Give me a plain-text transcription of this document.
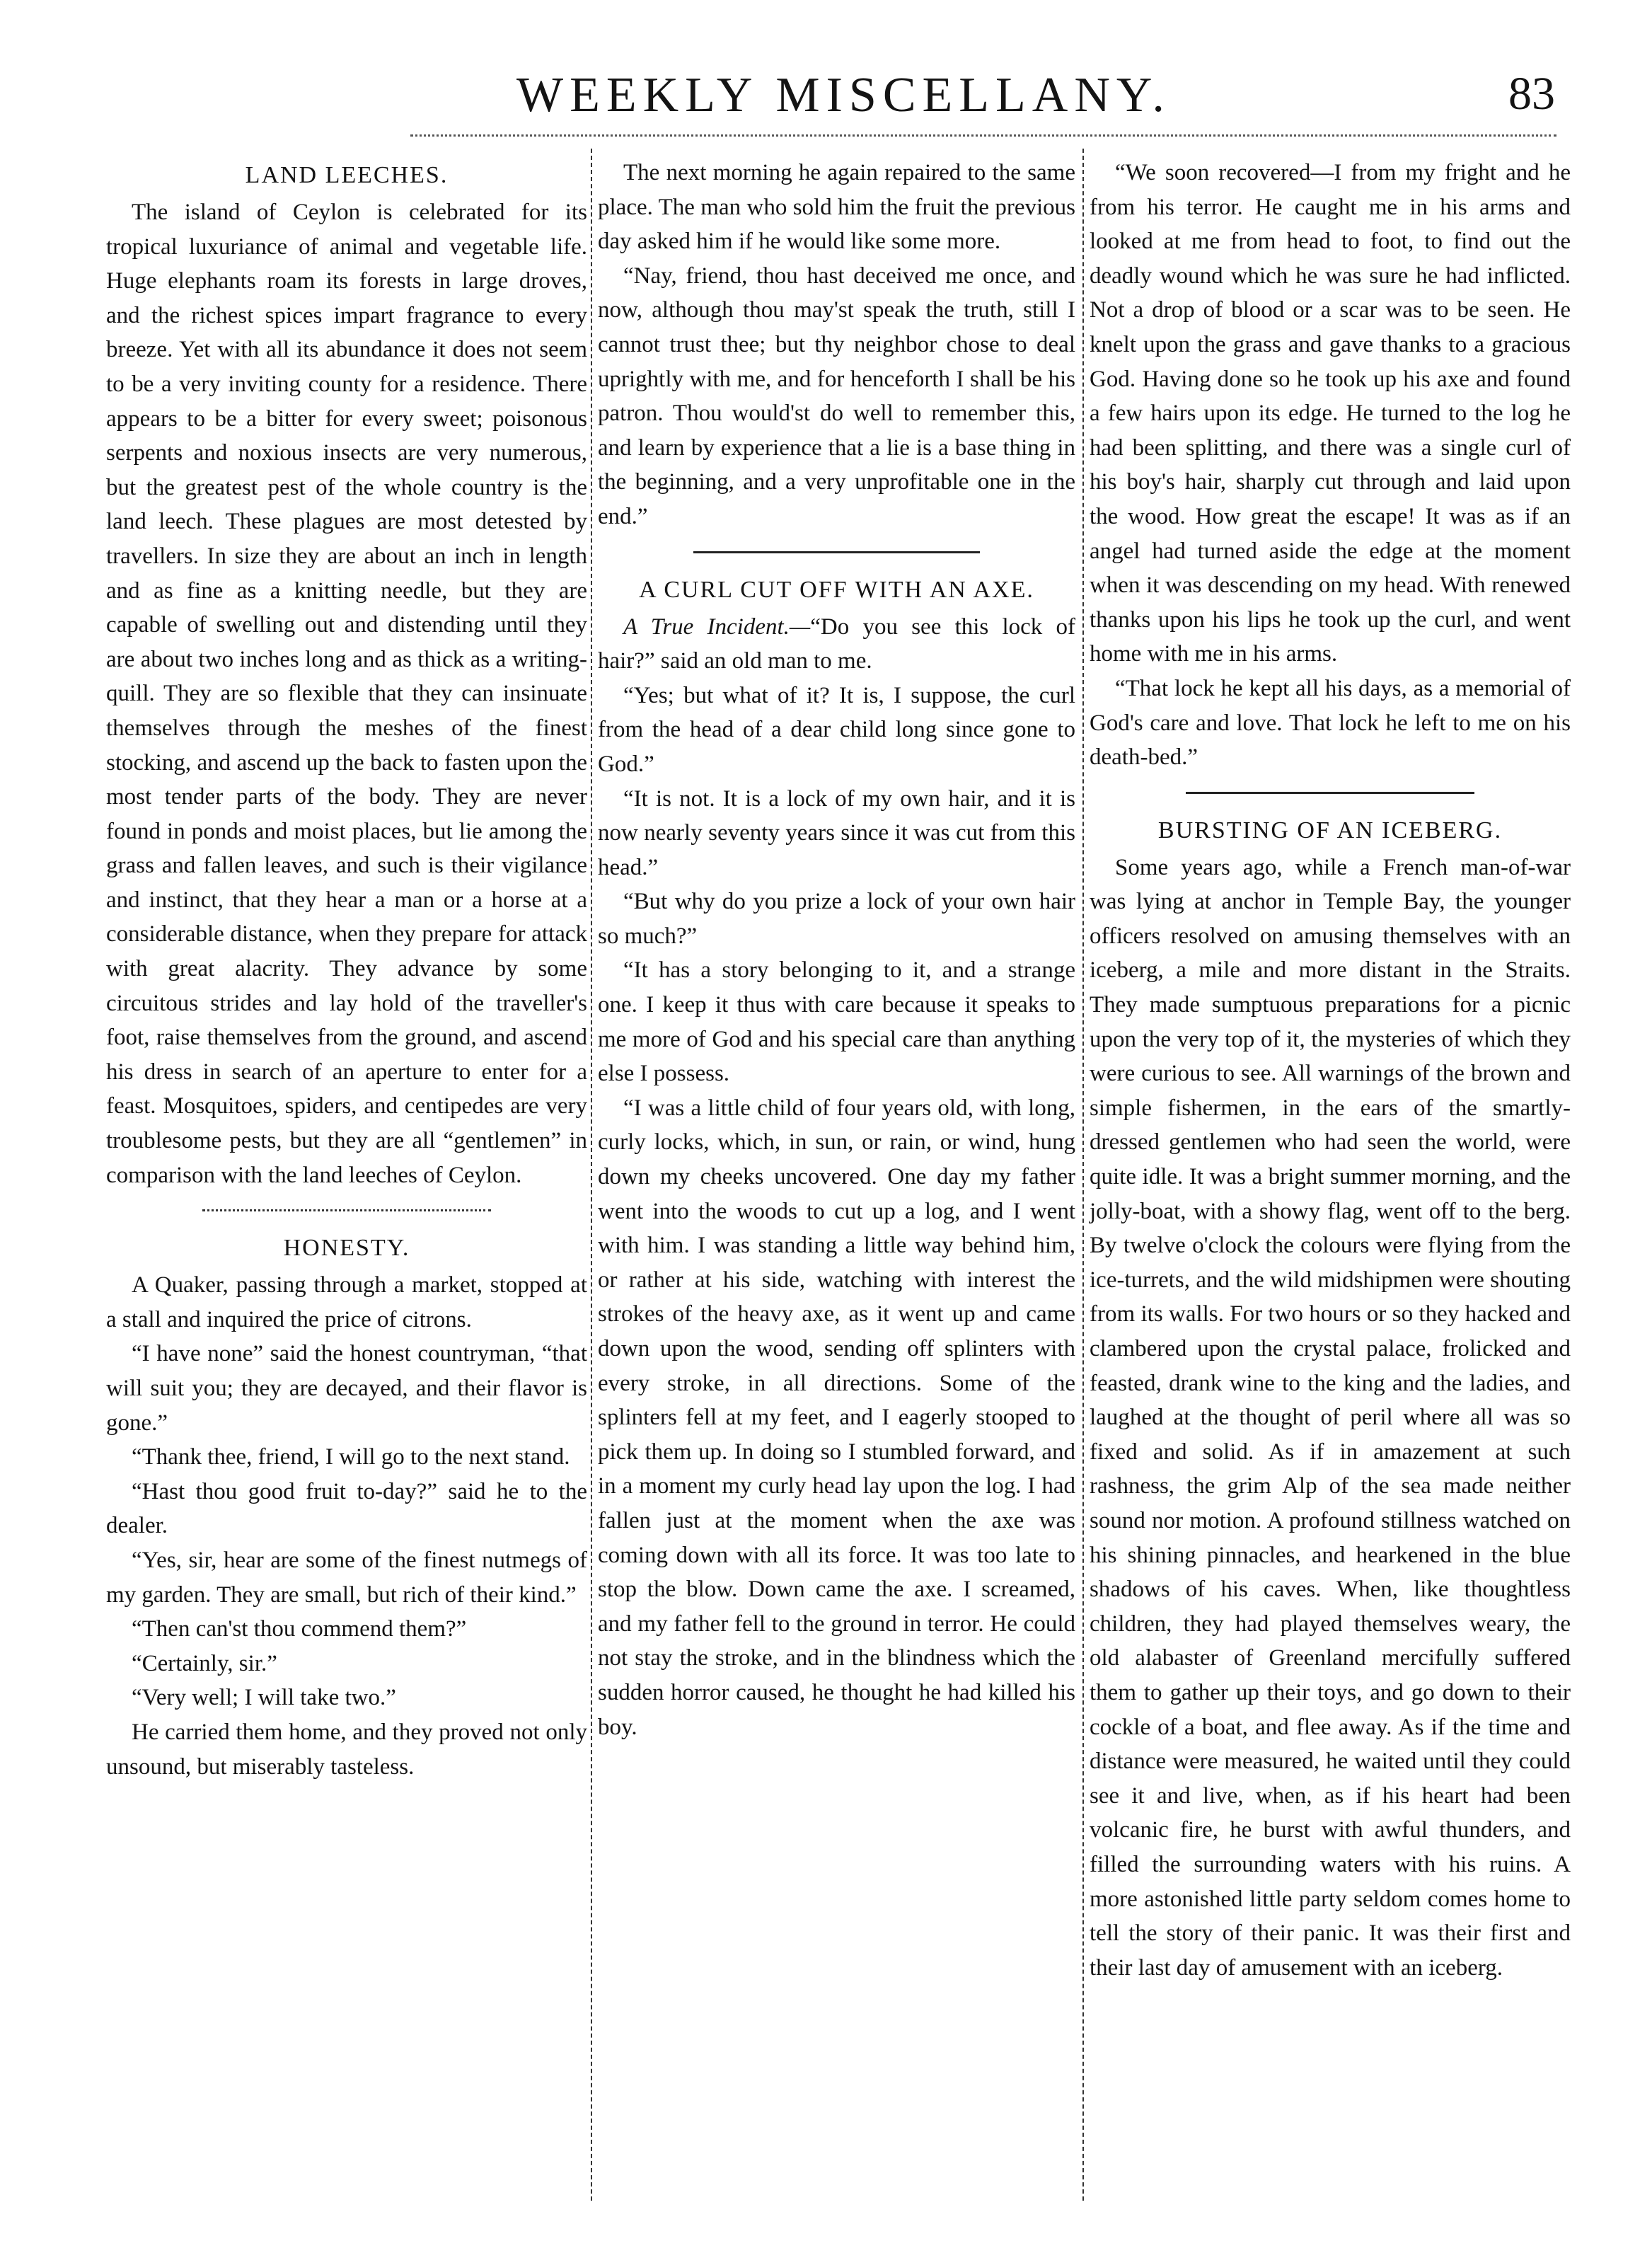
WEEKLY MISCELLANY.	83
LAND LEECHES.

The island of Ceylon is celebrated for its tropical luxuriance of animal and vegetable life. Huge elephants roam its forests in large droves, and the richest spices impart fragrance to every breeze. Yet with all its abundance it does not seem to be a very inviting county for a residence. There appears to be a bitter for every sweet; poisonous serpents and noxious insects are very numerous, but the greatest pest of the whole country is the land leech. These plagues are most detested by travellers. In size they are about an inch in length and as fine as a knitting needle, but they are capable of swelling out and distending until they are about two inches long and as thick as a writing-quill. They are so flexible that they can insinuate themselves through the meshes of the finest stocking, and ascend up the back to fasten upon the most tender parts of the body. They are never found in ponds and moist places, but lie among the grass and fallen leaves, and such is their vigilance and instinct, that they hear a man or a horse at a considerable distance, when they prepare for attack with great alacrity. They advance by some circuitous strides and lay hold of the traveller's foot, raise themselves from the ground, and ascend his dress in search of an aperture to enter for a feast. Mosquitoes, spiders, and centipedes are very troublesome pests, but they are all “gentlemen” in comparison with the land leeches of Ceylon.

HONESTY.

A Quaker, passing through a market, stopped at a stall and inquired the price of citrons.

“I have none” said the honest countryman, “that will suit you; they are decayed, and their flavor is gone.”

“Thank thee, friend, I will go to the next stand.

“Hast thou good fruit to-day?” said he to the dealer.

“Yes, sir, hear are some of the finest nutmegs of my garden. They are small, but rich of their kind.”

“Then can'st thou commend them?”

“Certainly, sir.”

“Very well; I will take two.”

He carried them home, and they proved not only unsound, but miserably tasteless.

The next morning he again repaired to the same place. The man who sold him the fruit the previous day asked him if he would like some more.

“Nay, friend, thou hast deceived me once, and now, although thou may'st speak the truth, still I cannot trust thee; but thy neighbor chose to deal uprightly with me, and for henceforth I shall be his patron. Thou would'st do well to remember this, and learn by experience that a lie is a base thing in the beginning, and a very unprofitable one in the end.”

A CURL CUT OFF WITH AN AXE.

A True Incident.—“Do you see this lock of hair?” said an old man to me.

“Yes; but what of it? It is, I suppose, the curl from the head of a dear child long since gone to God.”

“It is not. It is a lock of my own hair, and it is now nearly seventy years since it was cut from this head.”

“But why do you prize a lock of your own hair so much?”

“It has a story belonging to it, and a strange one. I keep it thus with care because it speaks to me more of God and his special care than anything else I possess.

“I was a little child of four years old, with long, curly locks, which, in sun, or rain, or wind, hung down my cheeks uncovered. One day my father went into the woods to cut up a log, and I went with him. I was standing a little way behind him, or rather at his side, watching with interest the strokes of the heavy axe, as it went up and came down upon the wood, sending off splinters with every stroke, in all directions. Some of the splinters fell at my feet, and I eagerly stooped to pick them up. In doing so I stumbled forward, and in a moment my curly head lay upon the log. I had fallen just at the moment when the axe was coming down with all its force. It was too late to stop the blow. Down came the axe. I screamed, and my father fell to the ground in terror. He could not stay the stroke, and in the blindness which the sudden horror caused, he thought he had killed his boy.

“We soon recovered—I from my fright and he from his terror. He caught me in his arms and looked at me from head to foot, to find out the deadly wound which he was sure he had inflicted. Not a drop of blood or a scar was to be seen. He knelt upon the grass and gave thanks to a gracious God. Having done so he took up his axe and found a few hairs upon its edge. He turned to the log he had been splitting, and there was a single curl of his boy's hair, sharply cut through and laid upon the wood. How great the escape! It was as if an angel had turned aside the edge at the moment when it was descending on my head. With renewed thanks upon his lips he took up the curl, and went home with me in his arms.

“That lock he kept all his days, as a memorial of God's care and love. That lock he left to me on his death-bed.”

BURSTING OF AN ICEBERG.

Some years ago, while a French man-of-war was lying at anchor in Temple Bay, the younger officers resolved on amusing themselves with an iceberg, a mile and more distant in the Straits. They made sumptuous preparations for a picnic upon the very top of it, the mysteries of which they were curious to see. All warnings of the brown and simple fishermen, in the ears of the smartly-dressed gentlemen who had seen the world, were quite idle. It was a bright summer morning, and the jolly-boat, with a showy flag, went off to the berg. By twelve o'clock the colours were flying from the ice-turrets, and the wild midshipmen were shouting from its walls. For two hours or so they hacked and clambered upon the crystal palace, frolicked and feasted, drank wine to the king and the ladies, and laughed at the thought of peril where all was so fixed and solid. As if in amazement at such rashness, the grim Alp of the sea made neither sound nor motion. A profound stillness watched on his shining pinnacles, and hearkened in the blue shadows of his caves. When, like thoughtless children, they had played themselves weary, the old alabaster of Greenland mercifully suffered them to gather up their toys, and go down to their cockle of a boat, and flee away. As if the time and distance were measured, he waited until they could see it and live, when, as if his heart had been volcanic fire, he burst with awful thunders, and filled the surrounding waters with his ruins. A more astonished little party seldom comes home to tell the story of their panic. It was their first and their last day of amusement with an iceberg.
